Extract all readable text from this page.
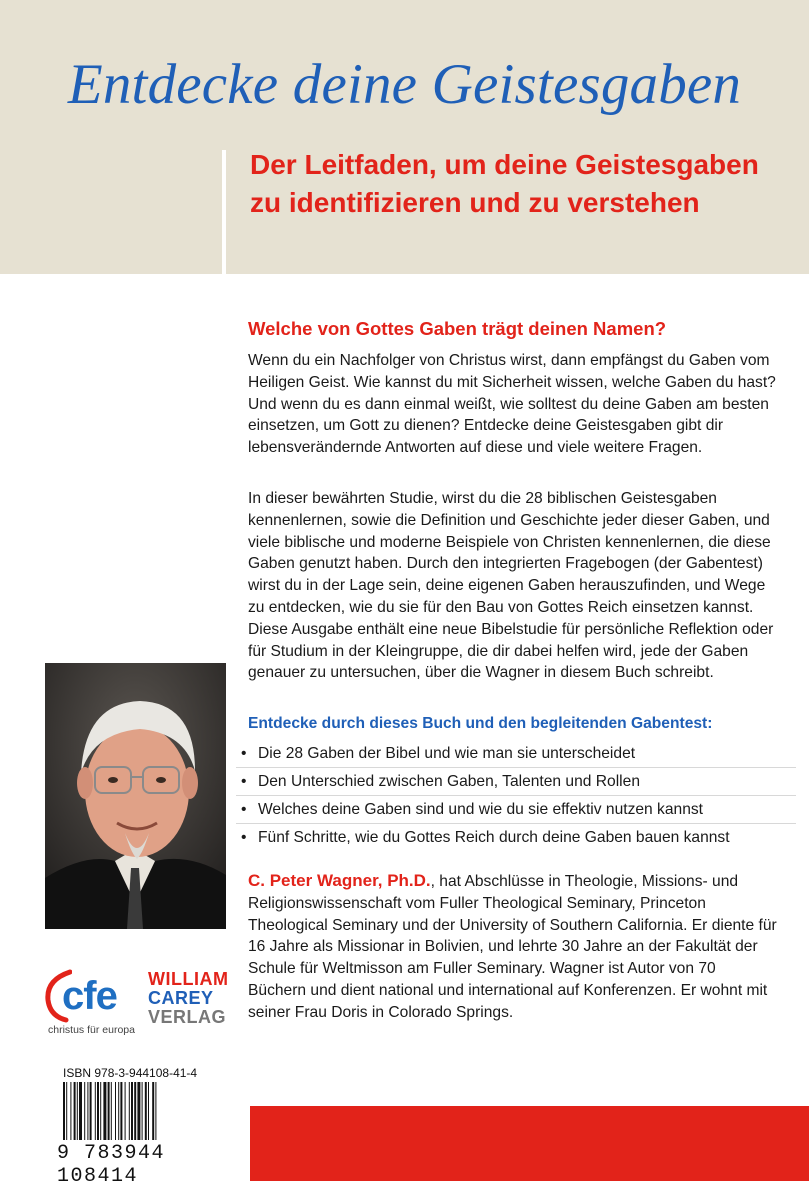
Entdecke deine Geistesgaben
Der Leitfaden, um deine Geistesgaben zu identifizieren und zu verstehen
Welche von Gottes Gaben trägt deinen Namen?

Wenn du ein Nachfolger von Christus wirst, dann empfängst du Gaben vom Heiligen Geist. Wie kannst du mit Sicherheit wissen, welche Gaben du hast? Und wenn du es dann einmal weißt, wie solltest du deine Gaben am besten einsetzen, um Gott zu dienen? Entdecke deine Geistesgaben gibt dir lebensverändernde Antworten auf diese und viele weitere Fragen.

In dieser bewährten Studie, wirst du die 28 biblischen Geistesgaben kennenlernen, sowie die Definition und Geschichte jeder dieser Gaben, und viele biblische und moderne Beispiele von Christen kennenlernen, die diese Gaben genutzt haben. Durch den integrierten Fragebogen (der Gabentest) wirst du in der Lage sein, deine eigenen Gaben herauszufinden, und Wege zu entdecken, wie du sie für den Bau von Gottes Reich einsetzen kannst. Diese Ausgabe enthält eine neue Bibelstudie für persönliche Reflektion oder für Studium in der Kleingruppe, die dir dabei helfen wird, jede der Gaben genauer zu untersuchen, über die Wagner in diesem Buch schreibt.

Entdecke durch dieses Buch und den begleitenden Gabentest:
• Die 28 Gaben der Bibel und wie man sie unterscheidet
• Den Unterschied zwischen Gaben, Talenten und Rollen
• Welches deine Gaben sind und wie du sie effektiv nutzen kannst
• Fünf Schritte, wie du Gottes Reich durch deine Gaben bauen kannst

C. Peter Wagner, Ph.D., hat Abschlüsse in Theologie, Missions- und Religionswissenschaft vom Fuller Theological Seminary, Princeton Theological Seminary und der University of Southern California. Er diente für 16 Jahre als Missionar in Bolivien, und lehrte 30 Jahre an der Fakultät der Schule für Weltmisson am Fuller Seminary. Wagner ist Autor von 70 Büchern und dient national und international auf Konferenzen. Er wohnt mit seiner Frau Doris in Colorado Springs.

cfe
christus für europa
WILLIAM
CAREY
VERLAG
ISBN 978-3-944108-41-4
9 783944 108414
